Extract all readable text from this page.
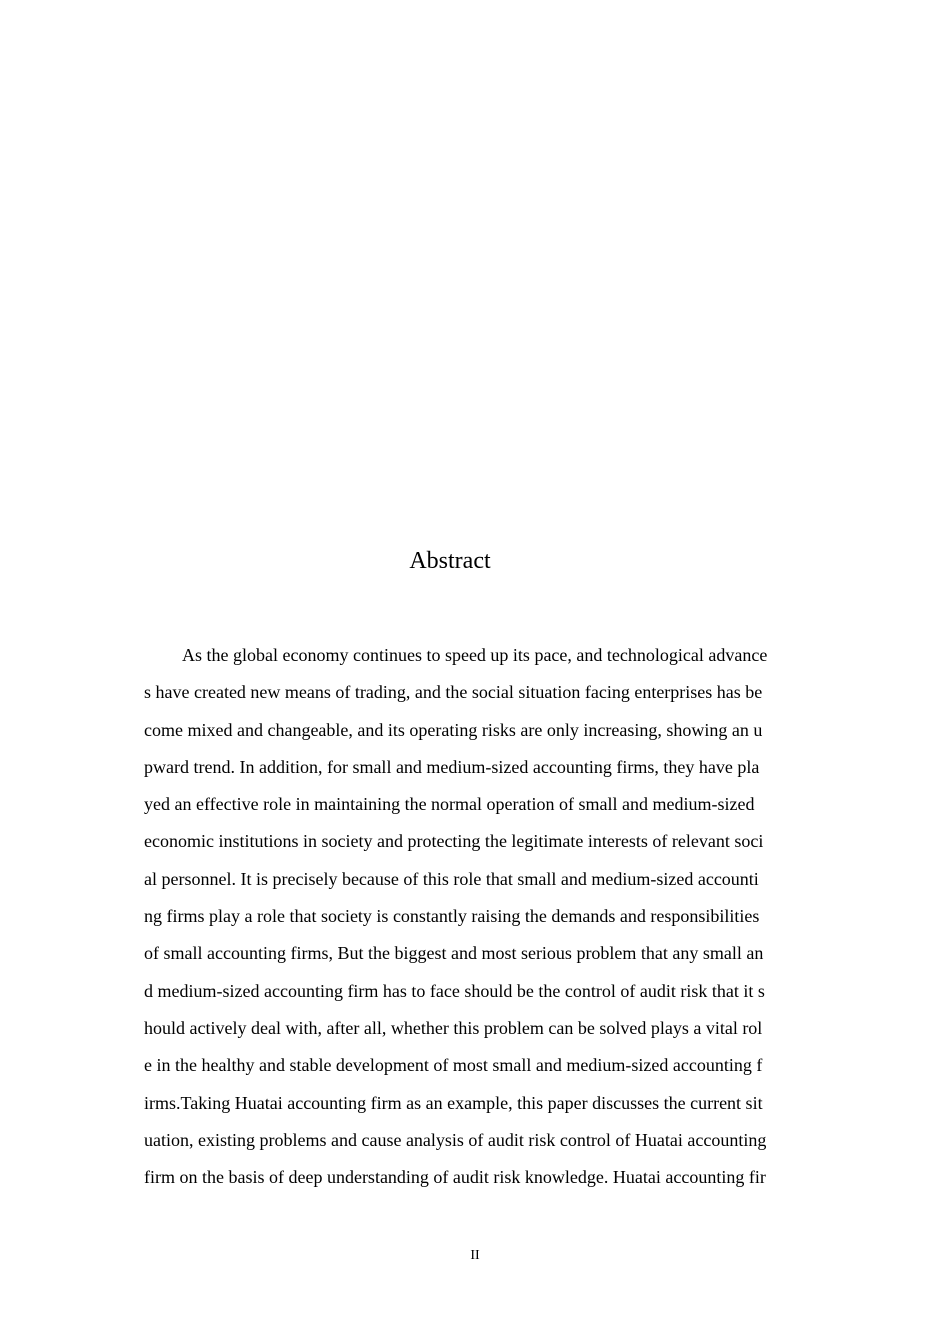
Abstract
As the global economy continues to speed up its pace, and technological advance
s have created new means of trading, and the social situation facing enterprises has be
come mixed and changeable, and its operating risks are only increasing, showing an u
pward trend. In addition, for small and medium-sized accounting firms, they have pla
yed an effective role in maintaining the normal operation of small and medium-sized
economic institutions in society and protecting the legitimate interests of relevant soci
al personnel. It is precisely because of this role that small and medium-sized accounti
ng firms play a role that society is constantly raising the demands and responsibilities
of small accounting firms, But the biggest and most serious problem that any small an
d medium-sized accounting firm has to face should be the control of audit risk that it s
hould actively deal with, after all, whether this problem can be solved plays a vital rol
e in the healthy and stable development of most small and medium-sized accounting f
irms.Taking Huatai accounting firm as an example, this paper discusses the current sit
uation, existing problems and cause analysis of audit risk control of Huatai accounting
firm on the basis of deep understanding of audit risk knowledge. Huatai accounting fir
II
